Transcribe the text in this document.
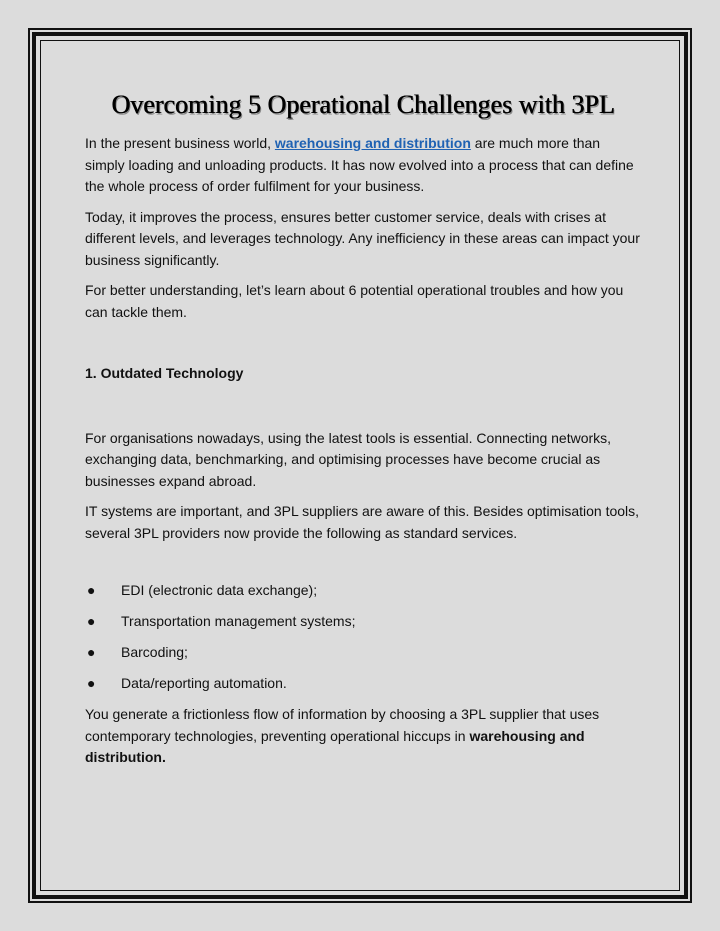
Overcoming 5 Operational Challenges with 3PL

In the present business world, warehousing and distribution are much more than simply loading and unloading products. It has now evolved into a process that can define the whole process of order fulfilment for your business.

Today, it improves the process, ensures better customer service, deals with crises at different levels, and leverages technology. Any inefficiency in these areas can impact your business significantly.

For better understanding, let’s learn about 6 potential operational troubles and how you can tackle them.

1. Outdated Technology

For organisations nowadays, using the latest tools is essential. Connecting networks, exchanging data, benchmarking, and optimising processes have become crucial as businesses expand abroad.

IT systems are important, and 3PL suppliers are aware of this. Besides optimisation tools, several 3PL providers now provide the following as standard services.

● EDI (electronic data exchange);
● Transportation management systems;
● Barcoding;
● Data/reporting automation.

You generate a frictionless flow of information by choosing a 3PL supplier that uses contemporary technologies, preventing operational hiccups in warehousing and distribution.
